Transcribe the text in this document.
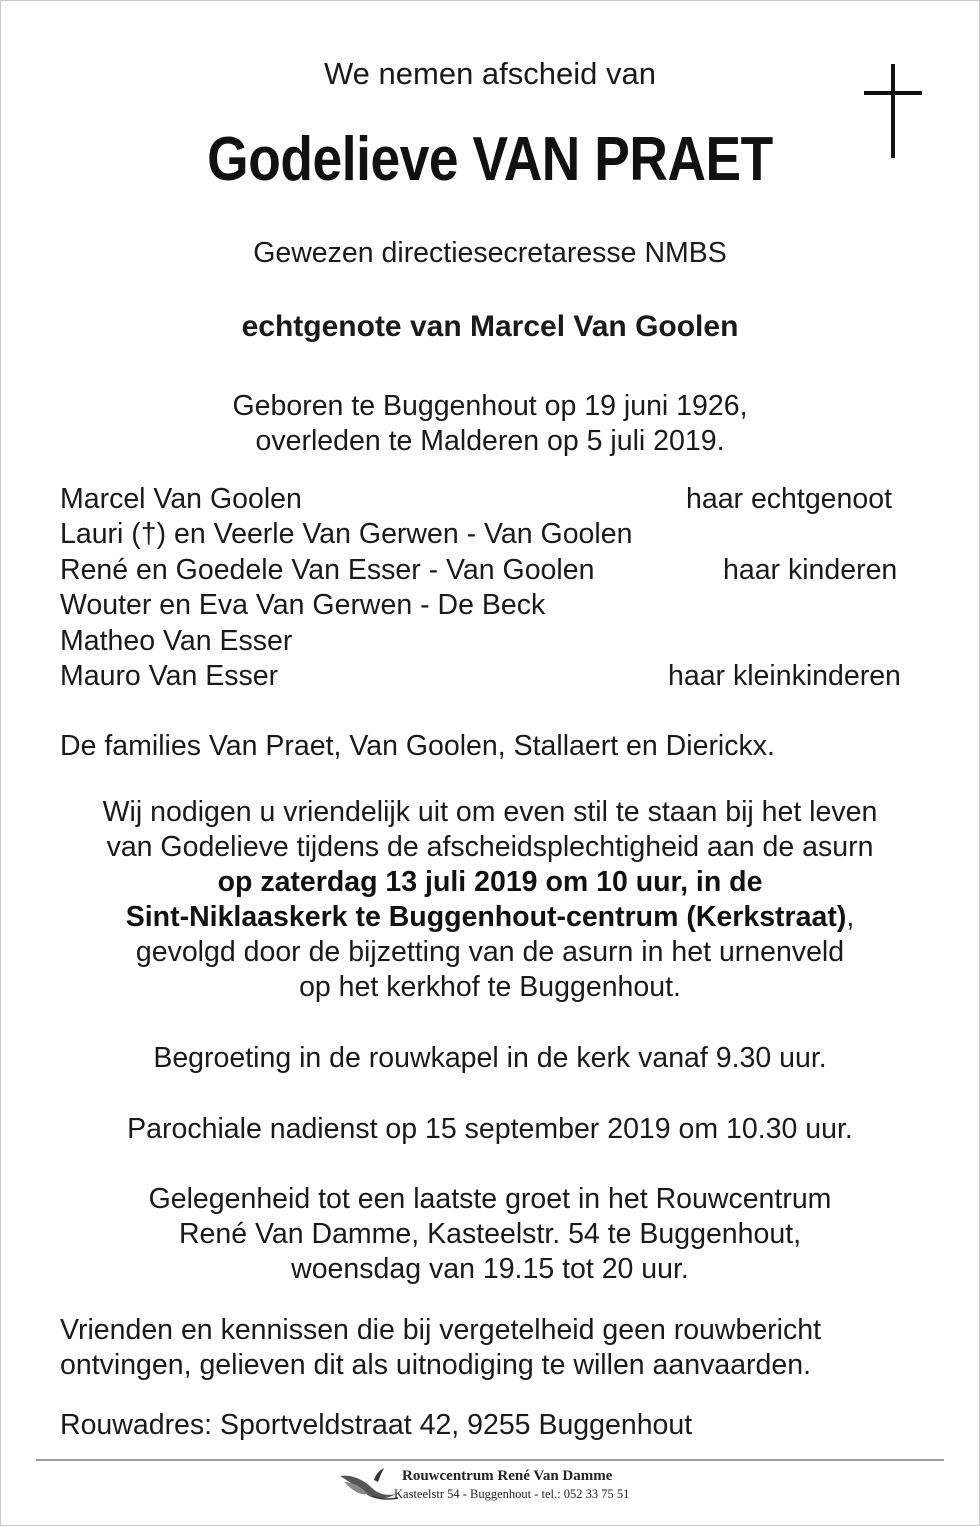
We nemen afscheid van
Godelieve VAN PRAET
Gewezen directiesecretaresse NMBS
echtgenote van Marcel Van Goolen
Geboren te Buggenhout op 19 juni 1926,
overleden te Malderen op 5 juli 2019.
Marcel Van Goolen	haar echtgenoot
Lauri (†) en Veerle Van Gerwen - Van Goolen
René en Goedele Van Esser - Van Goolen	haar kinderen
Wouter en Eva Van Gerwen - De Beck
Matheo Van Esser
Mauro Van Esser	haar kleinkinderen
De families Van Praet, Van Goolen, Stallaert en Dierickx.
Wij nodigen u vriendelijk uit om even stil te staan bij het leven
van Godelieve tijdens de afscheidsplechtigheid aan de asurn
op zaterdag 13 juli 2019 om 10 uur, in de
Sint-Niklaaskerk te Buggenhout-centrum (Kerkstraat),
gevolgd door de bijzetting van de asurn in het urnenveld
op het kerkhof te Buggenhout.
Begroeting in de rouwkapel in de kerk vanaf 9.30 uur.
Parochiale nadienst op 15 september 2019 om 10.30 uur.
Gelegenheid tot een laatste groet in het Rouwcentrum
René Van Damme, Kasteelstr. 54 te Buggenhout,
woensdag van 19.15 tot 20 uur.
Vrienden en kennissen die bij vergetelheid geen rouwbericht
ontvingen, gelieven dit als uitnodiging te willen aanvaarden.
Rouwadres: Sportveldstraat 42, 9255 Buggenhout
Rouwcentrum René Van Damme
Kasteelstr 54 - Buggenhout - tel.: 052 33 75 51
